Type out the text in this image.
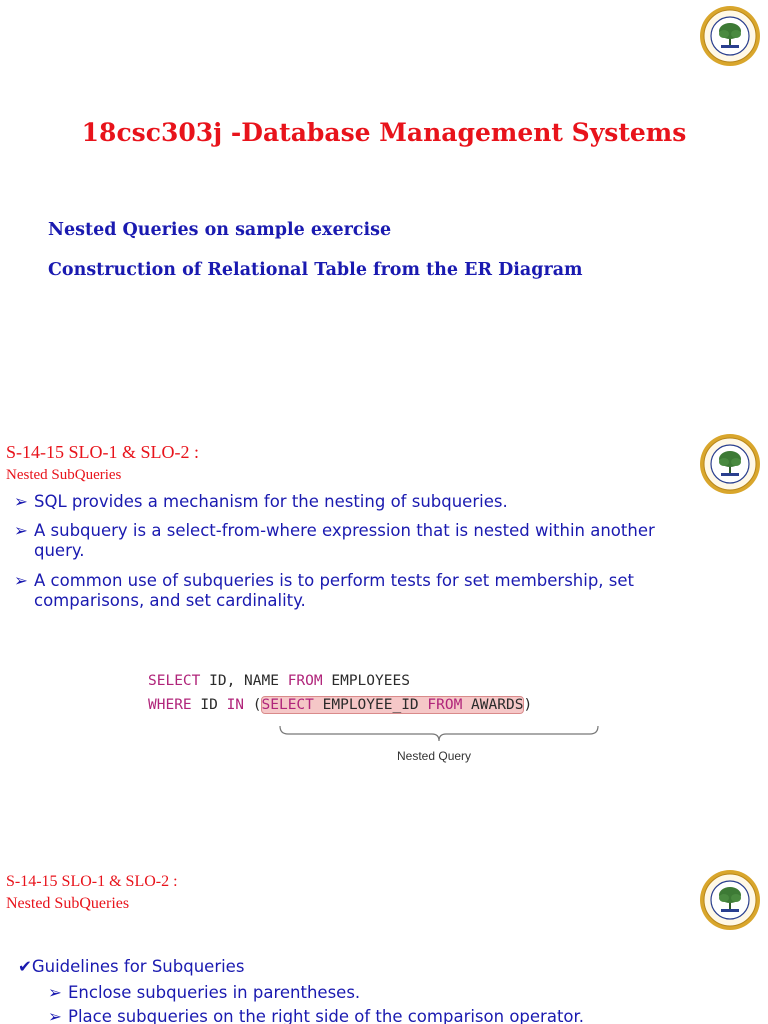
18csc303j -Database Management Systems
Nested Queries on sample exercise
Construction of Relational Table from the ER Diagram
S-14-15 SLO-1 & SLO-2 :
Nested SubQueries
➢ SQL provides a mechanism for the nesting of subqueries.
➢ A subquery is a select-from-where expression that is nested within another query.
➢ A common use of subqueries is to perform tests for set membership, set comparisons, and set cardinality.
SELECT ID, NAME FROM EMPLOYEES
WHERE ID IN (SELECT EMPLOYEE_ID FROM AWARDS)
Nested Query
S-14-15 SLO-1 & SLO-2 :
Nested SubQueries
✔Guidelines for Subqueries
➢ Enclose subqueries in parentheses.
➢ Place subqueries on the right side of the comparison operator.
